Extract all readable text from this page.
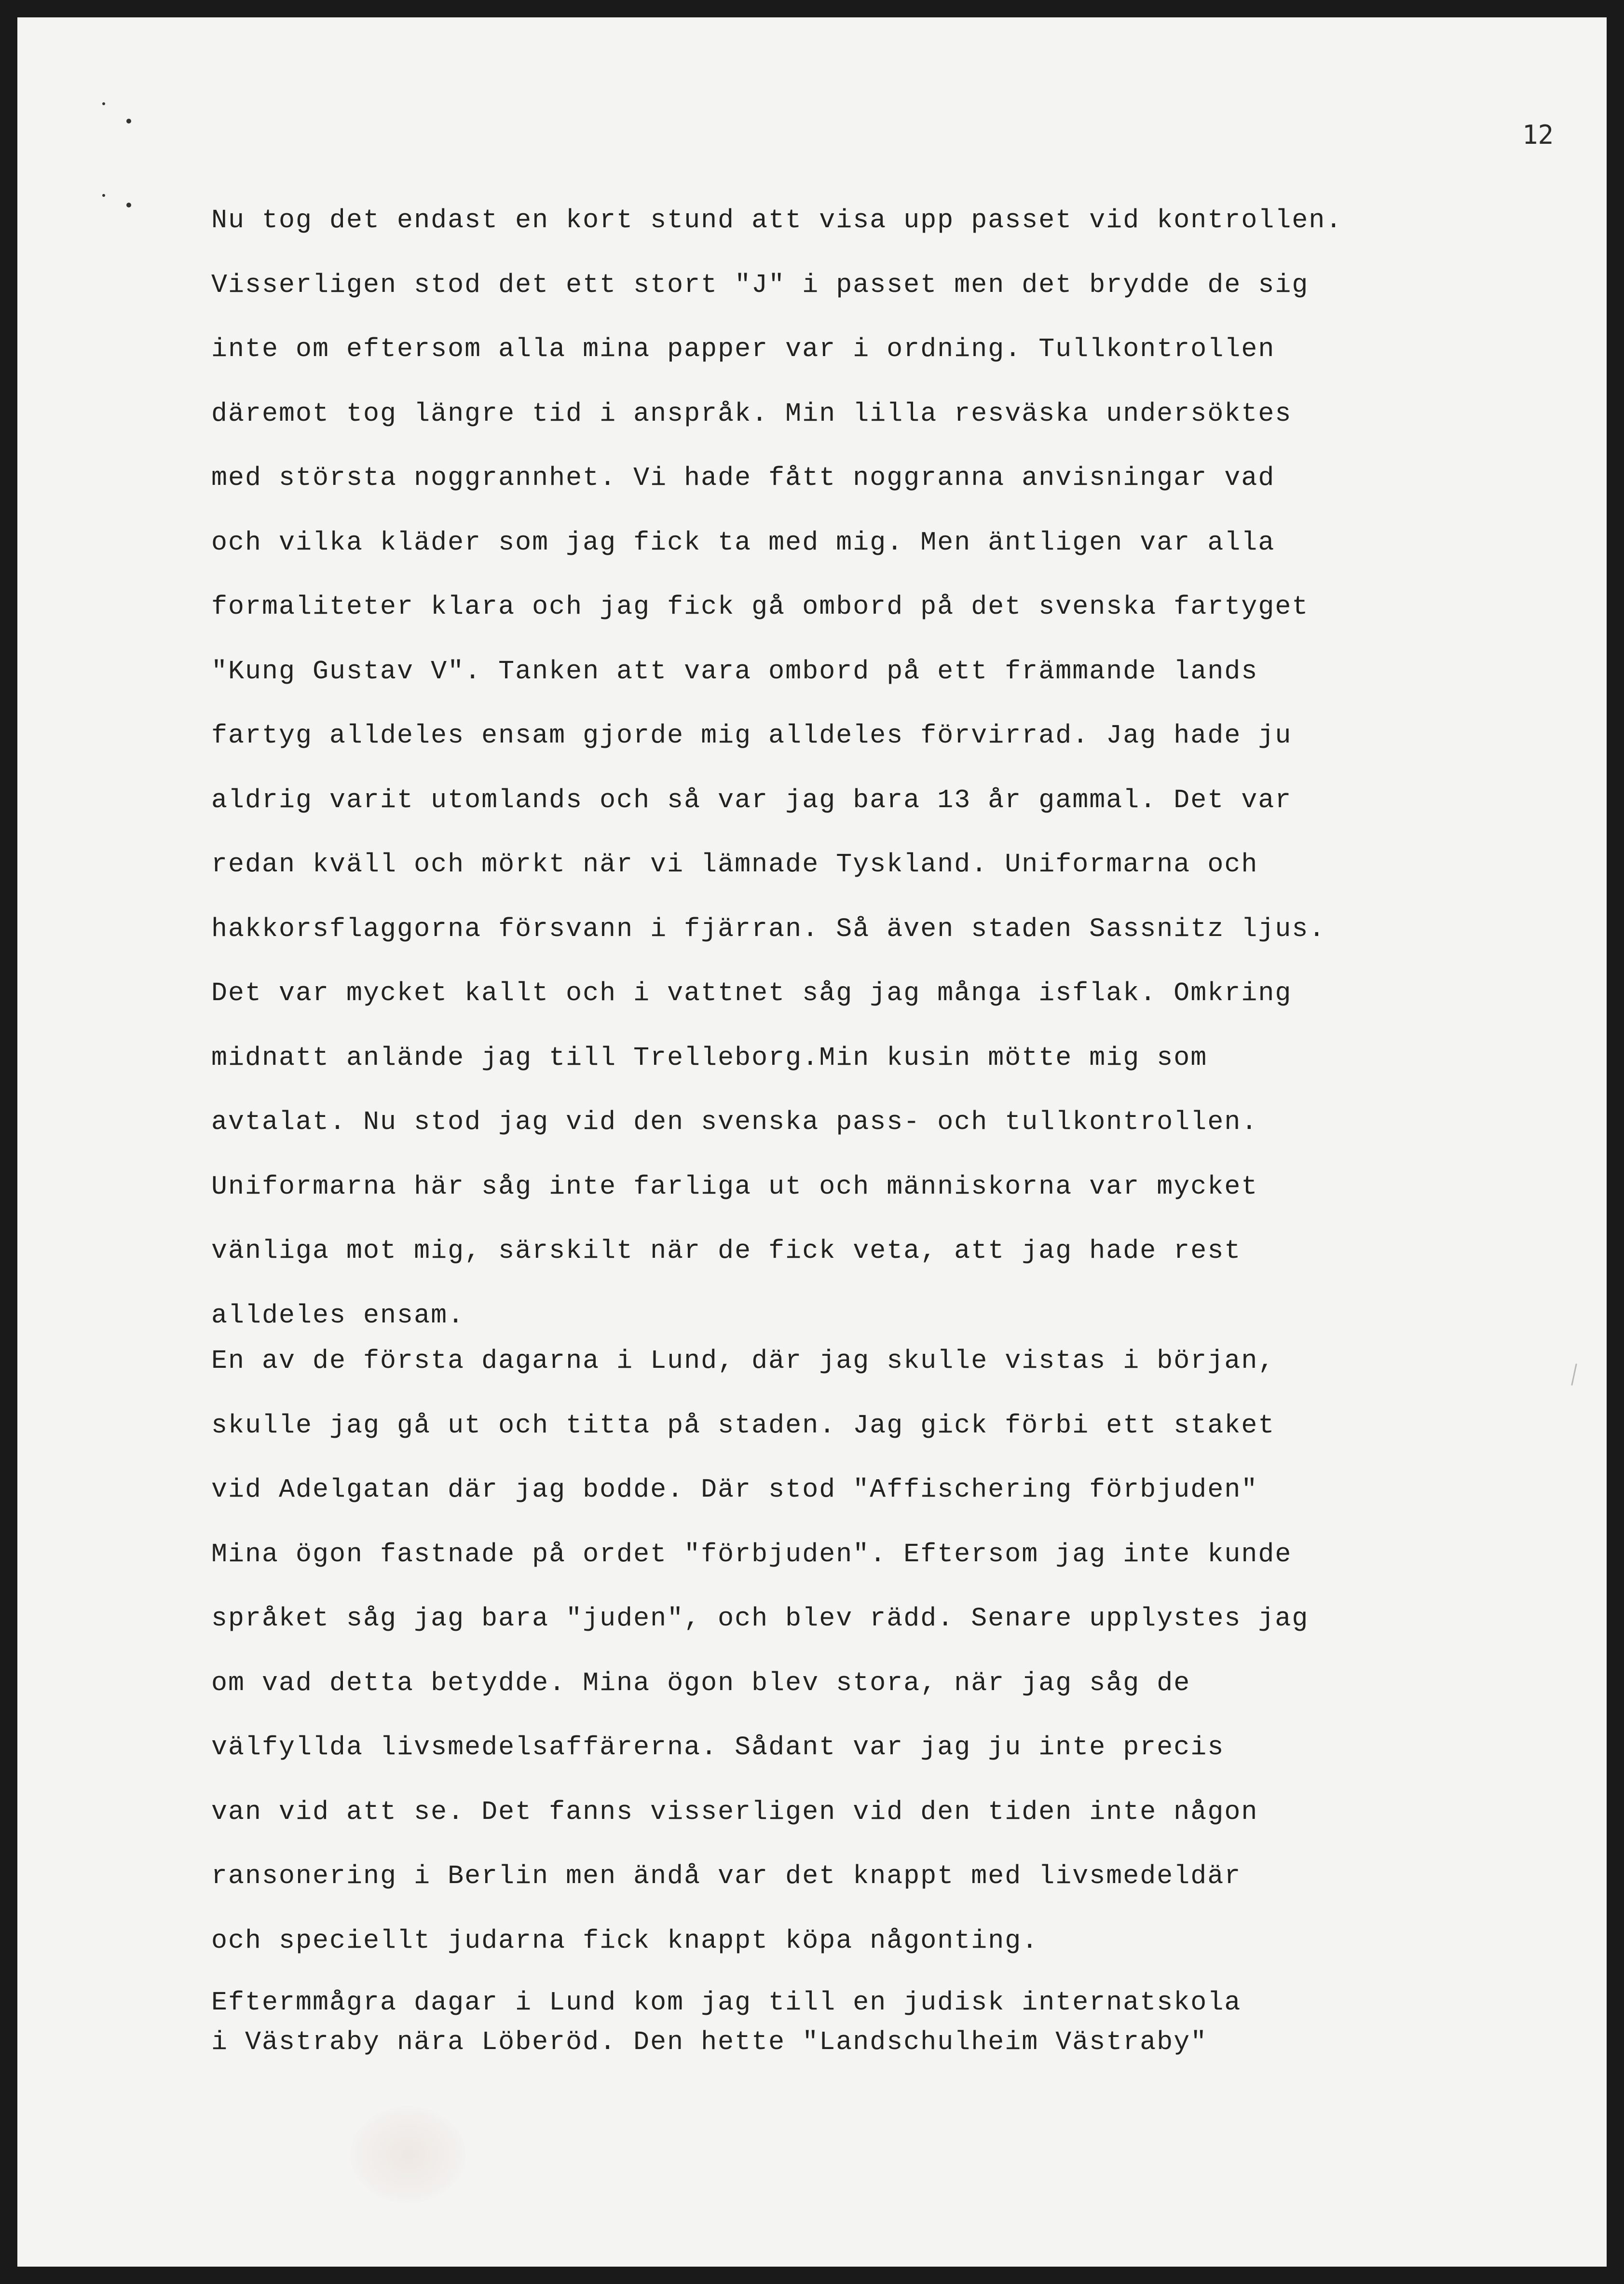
12

Nu tog det endast en kort stund att visa upp passet vid kontrollen.

Visserligen stod det ett stort "J" i passet men det brydde de sig

inte om eftersom alla mina papper var i ordning. Tullkontrollen

däremot tog längre tid i anspråk. Min lilla resväska undersöktes

med största noggrannhet. Vi hade fått noggranna anvisningar vad

och vilka kläder som jag fick ta med mig. Men äntligen var alla

formaliteter klara och jag fick gå ombord på det svenska fartyget

"Kung Gustav V". Tanken att vara ombord på ett främmande lands

fartyg alldeles ensam gjorde mig alldeles förvirrad. Jag hade ju

aldrig varit utomlands och så var jag bara 13 år gammal. Det var

redan kväll och mörkt när vi lämnade Tyskland. Uniformarna och

hakkorsflaggorna försvann i fjärran. Så även staden Sassnitz ljus.

Det var mycket kallt och i vattnet såg jag många isflak. Omkring

midnatt anlände jag till Trelleborg.Min kusin mötte mig som

avtalat. Nu stod jag vid den svenska pass- och tullkontrollen.

Uniformarna här såg inte farliga ut och människorna var mycket

vänliga mot mig, särskilt när de fick veta, att jag hade rest

alldeles ensam.

En av de första dagarna i Lund, där jag skulle vistas i början,

skulle jag gå ut och titta på staden. Jag gick förbi ett staket

vid Adelgatan där jag bodde. Där stod "Affischering förbjuden"

Mina ögon fastnade på ordet "förbjuden". Eftersom jag inte kunde

språket såg jag bara "juden", och blev rädd. Senare upplystes jag

om vad detta betydde. Mina ögon blev stora, när jag såg de

välfyllda livsmedelsaffärerna. Sådant var jag ju inte precis

van vid att se. Det fanns visserligen vid den tiden inte någon

ransonering i Berlin men ändå var det knappt med livsmedeldär

och speciellt judarna fick knappt köpa någonting.

Eftermmågra dagar i Lund kom jag till en judisk internatskola

i Västraby nära Löberöd. Den hette "Landschulheim Västraby"
